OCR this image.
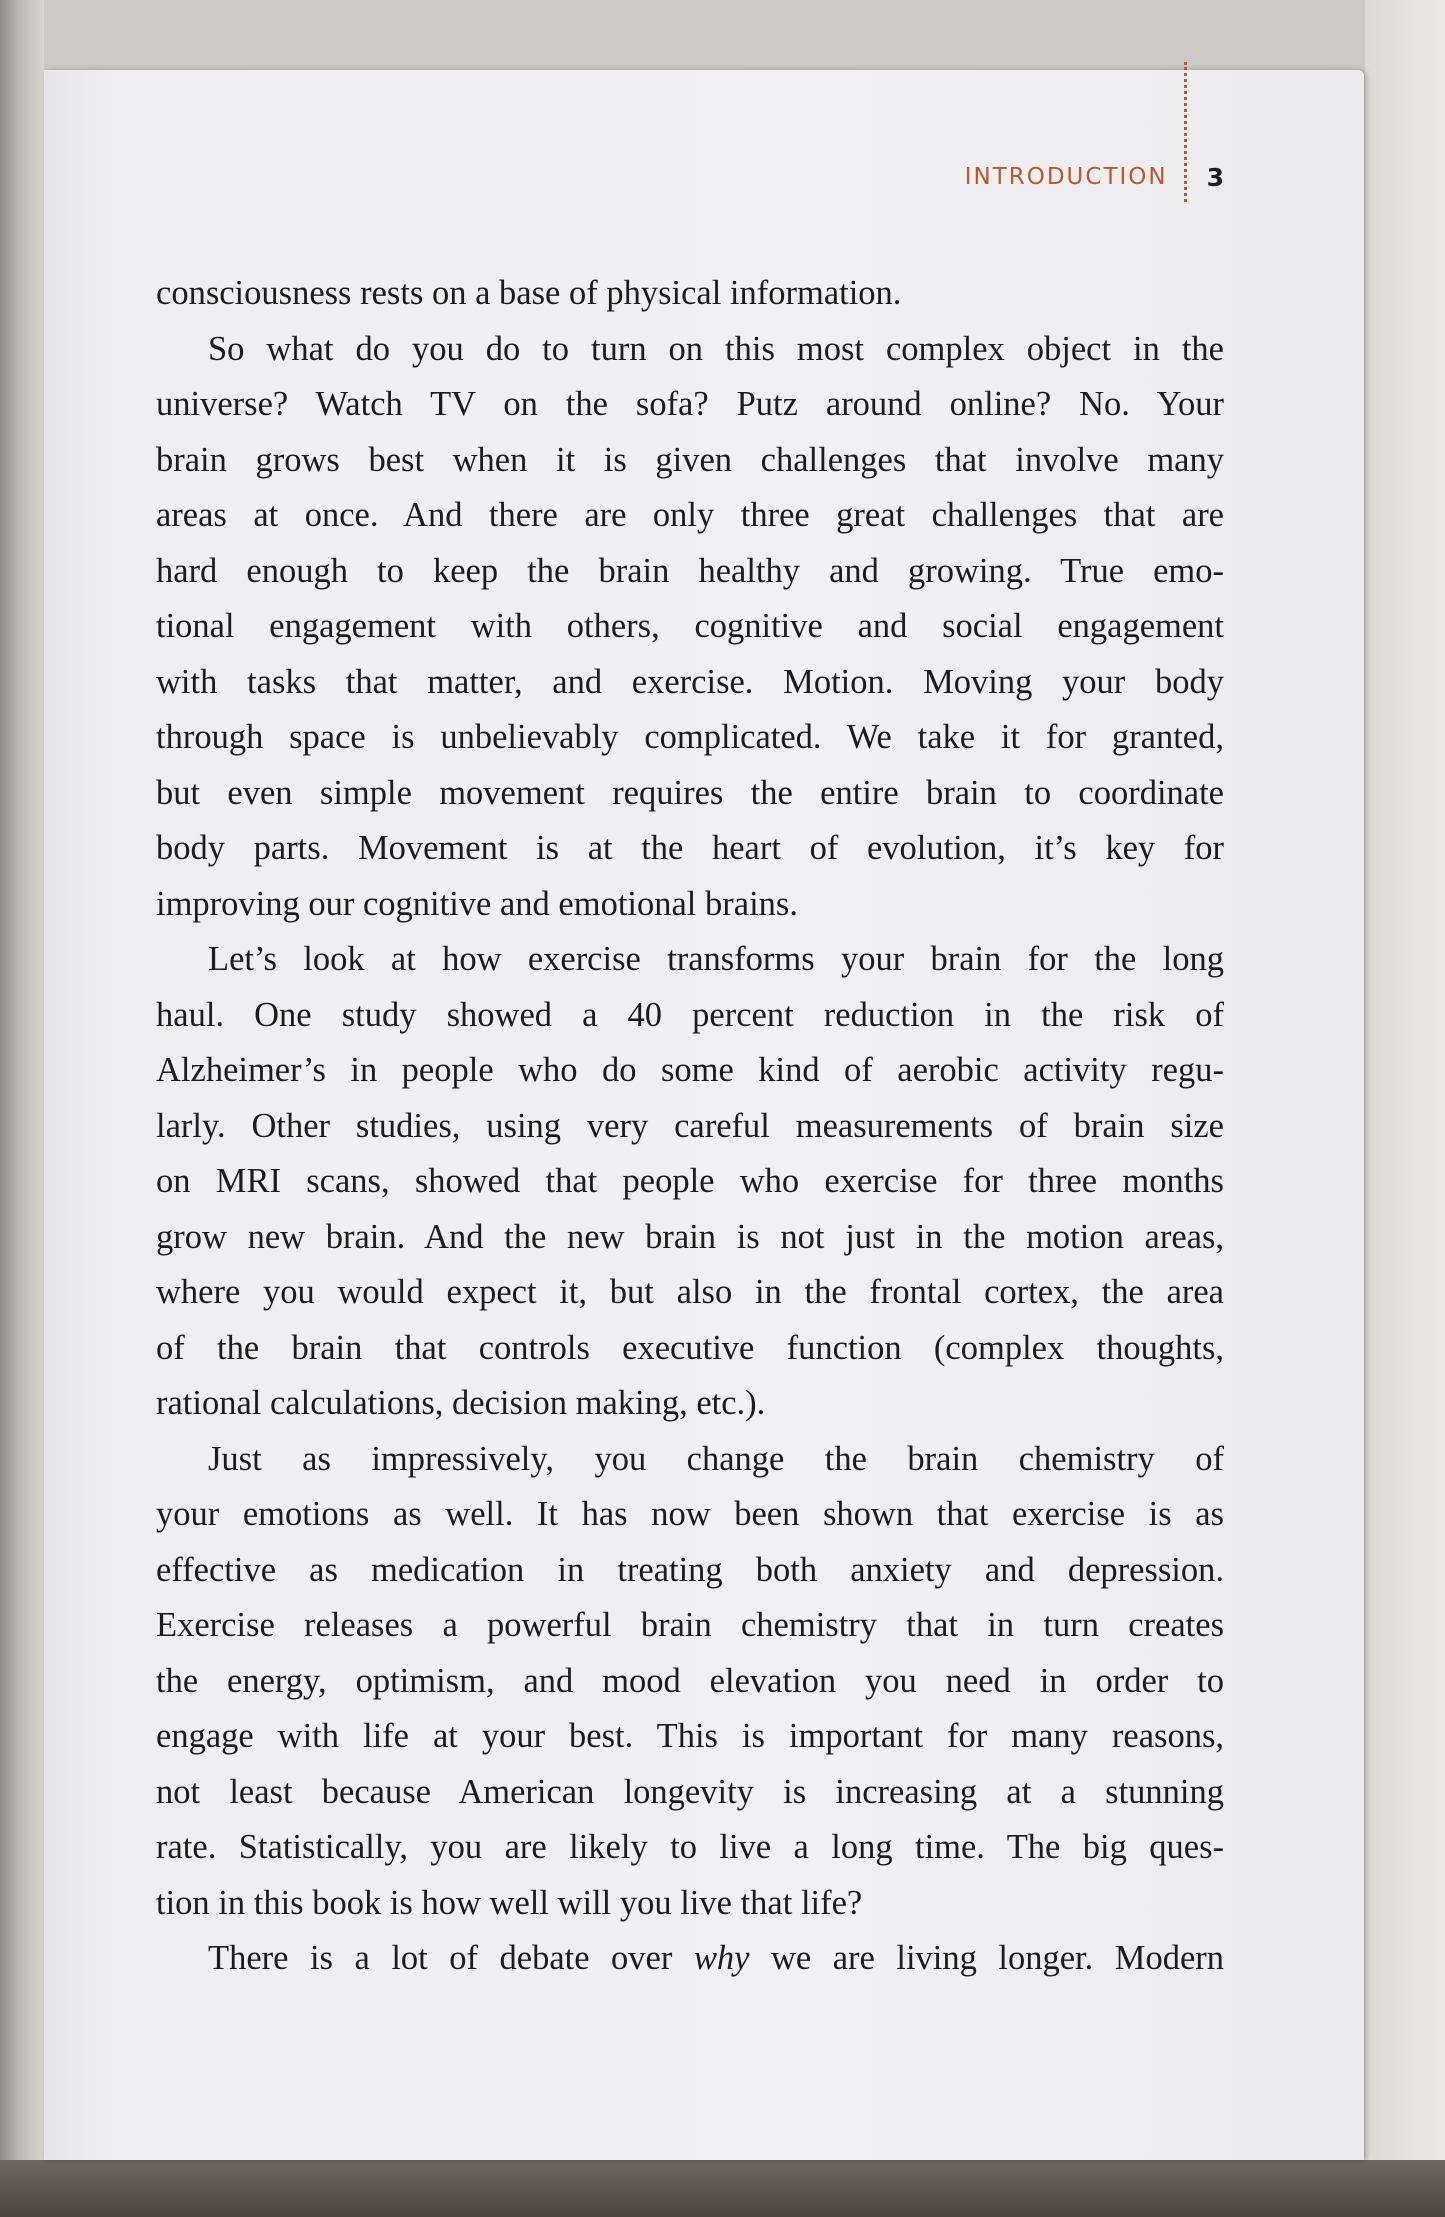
INTRODUCTION	3

consciousness rests on a base of physical information.

So what do you do to turn on this most complex object in the
universe? Watch TV on the sofa? Putz around online? No. Your
brain grows best when it is given challenges that involve many
areas at once. And there are only three great challenges that are
hard enough to keep the brain healthy and growing. True emo-
tional engagement with others, cognitive and social engagement
with tasks that matter, and exercise. Motion. Moving your body
through space is unbelievably complicated. We take it for granted,
but even simple movement requires the entire brain to coordinate
body parts. Movement is at the heart of evolution, it’s key for
improving our cognitive and emotional brains.

Let’s look at how exercise transforms your brain for the long
haul. One study showed a 40 percent reduction in the risk of
Alzheimer’s in people who do some kind of aerobic activity regu-
larly. Other studies, using very careful measurements of brain size
on MRI scans, showed that people who exercise for three months
grow new brain. And the new brain is not just in the motion areas,
where you would expect it, but also in the frontal cortex, the area
of the brain that controls executive function (complex thoughts,
rational calculations, decision making, etc.).

Just as impressively, you change the brain chemistry of
your emotions as well. It has now been shown that exercise is as
effective as medication in treating both anxiety and depression.
Exercise releases a powerful brain chemistry that in turn creates
the energy, optimism, and mood elevation you need in order to
engage with life at your best. This is important for many reasons,
not least because American longevity is increasing at a stunning
rate. Statistically, you are likely to live a long time. The big ques-
tion in this book is how well will you live that life?

There is a lot of debate over why we are living longer. Modern
